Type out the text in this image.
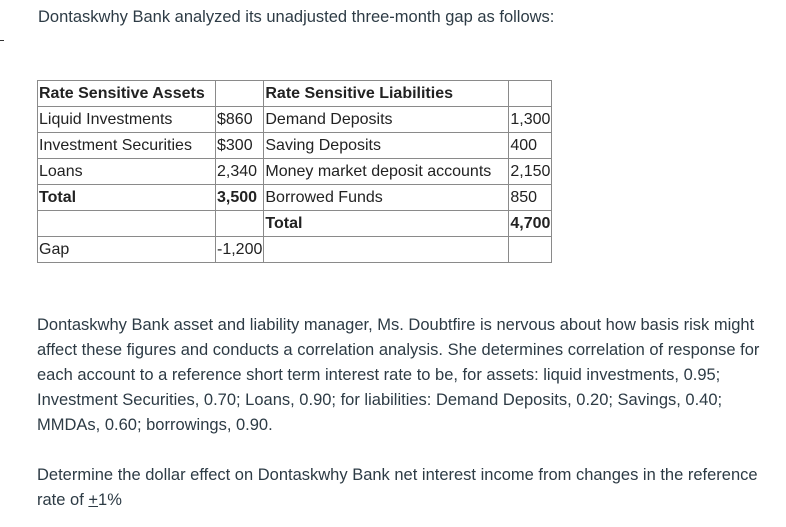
Dontaskwhy Bank analyzed its unadjusted three-month gap as follows:

Rate Sensitive Assets		Rate Sensitive Liabilities	
Liquid Investments	$860	Demand Deposits	1,300
Investment Securities	$300	Saving Deposits	400
Loans	2,340	Money market deposit accounts	2,150
Total	3,500	Borrowed Funds	850
		Total	4,700
Gap	-1,200		

Dontaskwhy Bank asset and liability manager, Ms. Doubtfire is nervous about how basis risk might affect these figures and conducts a correlation analysis. She determines correlation of response for each account to a reference short term interest rate to be, for assets: liquid investments, 0.95; Investment Securities, 0.70; Loans, 0.90; for liabilities: Demand Deposits, 0.20; Savings, 0.40; MMDAs, 0.60; borrowings, 0.90.

Determine the dollar effect on Dontaskwhy Bank net interest income from changes in the reference rate of +1%
